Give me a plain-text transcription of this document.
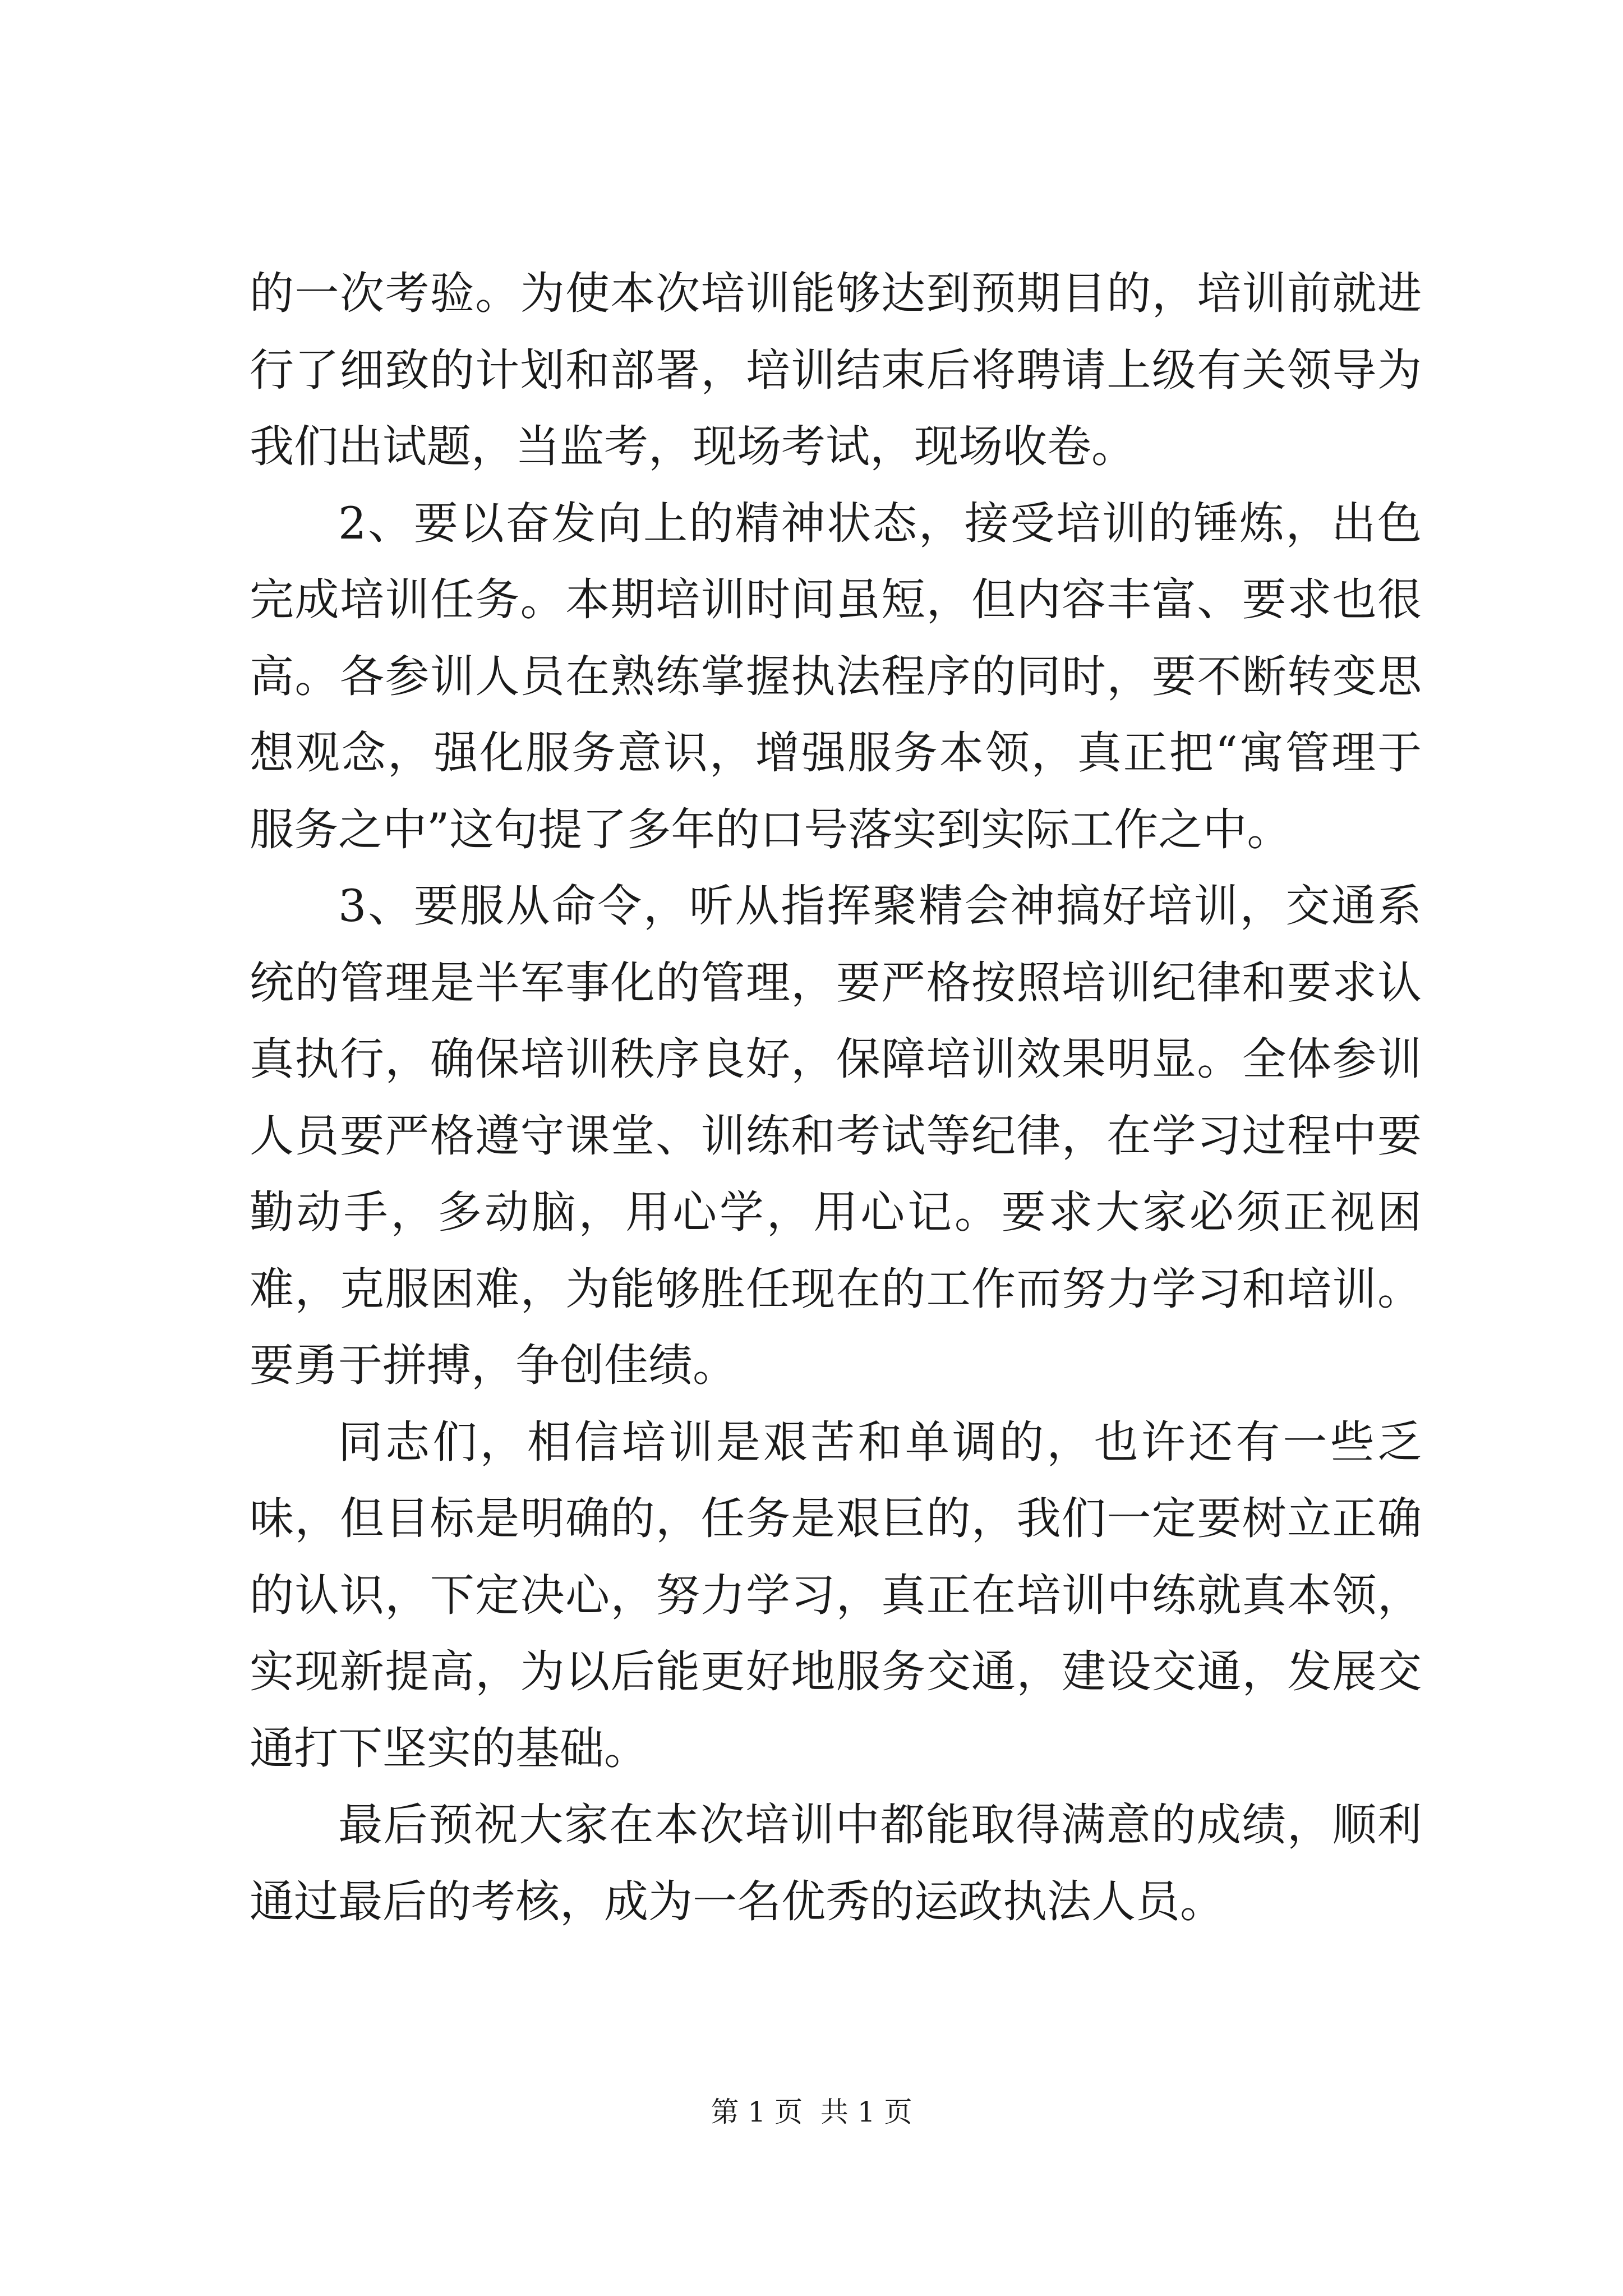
的一次考验。为使本次培训能够达到预期目的，培训前就进行了细致的计划和部署，培训结束后将聘请上级有关领导为我们出试题，当监考，现场考试，现场收卷。

2、要以奋发向上的精神状态，接受培训的锤炼，出色完成培训任务。本期培训时间虽短，但内容丰富、要求也很高。各参训人员在熟练掌握执法程序的同时，要不断转变思想观念，强化服务意识，增强服务本领，真正把“寓管理于服务之中”这句提了多年的口号落实到实际工作之中。

3、要服从命令，听从指挥聚精会神搞好培训，交通系统的管理是半军事化的管理，要严格按照培训纪律和要求认真执行，确保培训秩序良好，保障培训效果明显。全体参训人员要严格遵守课堂、训练和考试等纪律，在学习过程中要勤动手，多动脑，用心学，用心记。要求大家必须正视困难，克服困难，为能够胜任现在的工作而努力学习和培训。要勇于拼搏，争创佳绩。

同志们，相信培训是艰苦和单调的，也许还有一些乏味，但目标是明确的，任务是艰巨的，我们一定要树立正确的认识，下定决心，努力学习，真正在培训中练就真本领，实现新提高，为以后能更好地服务交通，建设交通，发展交通打下坚实的基础。

最后预祝大家在本次培训中都能取得满意的成绩，顺利通过最后的考核，成为一名优秀的运政执法人员。

第 1 页  共 1 页
